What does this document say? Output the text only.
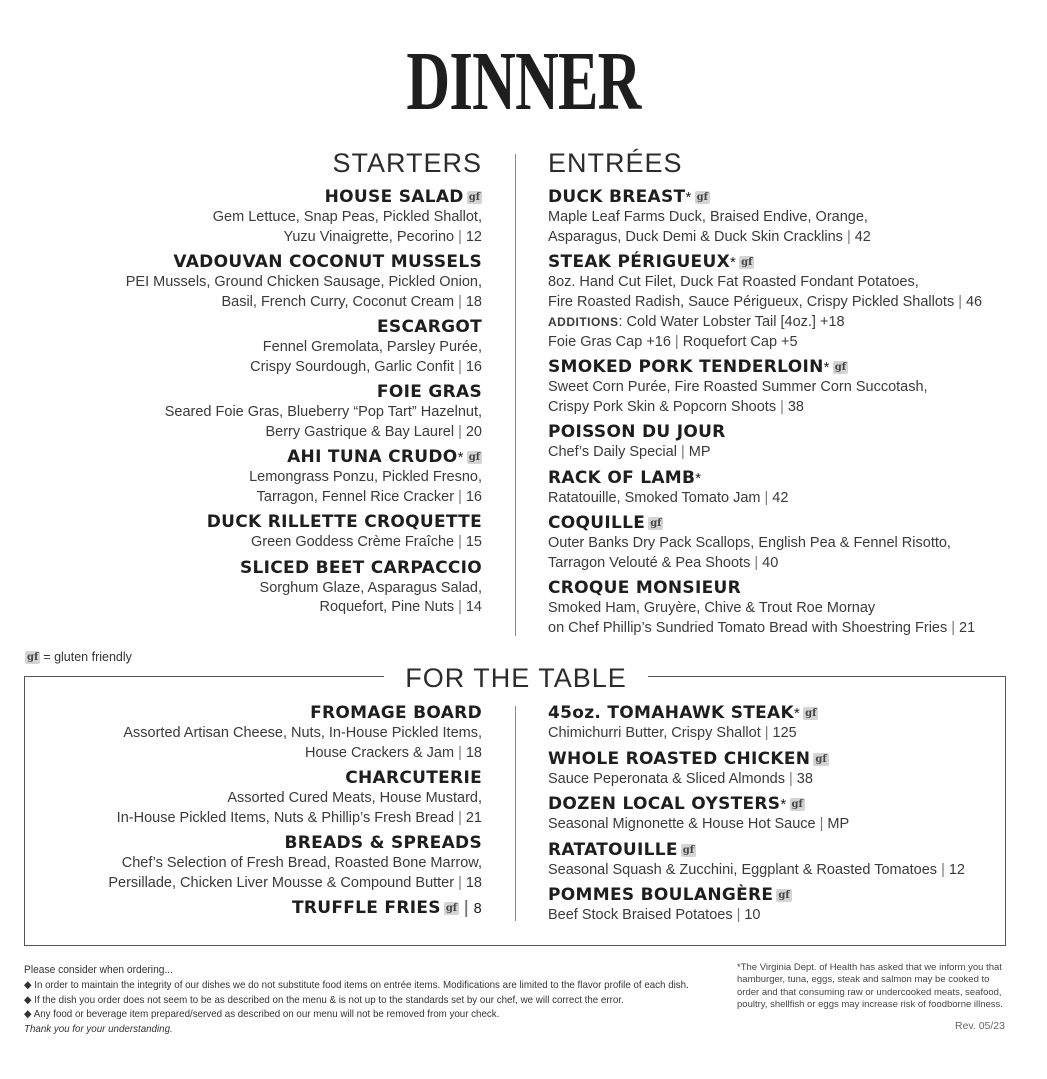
DINNER
STARTERS ENTRÉES
HOUSE SALAD gf
Gem Lettuce, Snap Peas, Pickled Shallot,
Yuzu Vinaigrette, Pecorino | 12
VADOUVAN COCONUT MUSSELS
PEI Mussels, Ground Chicken Sausage, Pickled Onion,
Basil, French Curry, Coconut Cream | 18
ESCARGOT
Fennel Gremolata, Parsley Purée,
Crispy Sourdough, Garlic Confit | 16
FOIE GRAS
Seared Foie Gras, Blueberry “Pop Tart” Hazelnut,
Berry Gastrique & Bay Laurel | 20
AHI TUNA CRUDO* gf
Lemongrass Ponzu, Pickled Fresno,
Tarragon, Fennel Rice Cracker | 16
DUCK RILLETTE CROQUETTE
Green Goddess Crème Fraîche | 15
SLICED BEET CARPACCIO
Sorghum Glaze, Asparagus Salad,
Roquefort, Pine Nuts | 14
DUCK BREAST* gf
Maple Leaf Farms Duck, Braised Endive, Orange,
Asparagus, Duck Demi & Duck Skin Cracklins | 42
STEAK PÉRIGUEUX* gf
8oz. Hand Cut Filet, Duck Fat Roasted Fondant Potatoes,
Fire Roasted Radish, Sauce Périgueux, Crispy Pickled Shallots | 46
ADDITIONS: Cold Water Lobster Tail [4oz.] +18
Foie Gras Cap +16 | Roquefort Cap +5
SMOKED PORK TENDERLOIN* gf
Sweet Corn Purée, Fire Roasted Summer Corn Succotash,
Crispy Pork Skin & Popcorn Shoots | 38
POISSON DU JOUR
Chef’s Daily Special | MP
RACK OF LAMB*
Ratatouille, Smoked Tomato Jam | 42
COQUILLE gf
Outer Banks Dry Pack Scallops, English Pea & Fennel Risotto,
Tarragon Velouté & Pea Shoots | 40
CROQUE MONSIEUR
Smoked Ham, Gruyère, Chive & Trout Roe Mornay
on Chef Phillip’s Sundried Tomato Bread with Shoestring Fries | 21
gf = gluten friendly
FOR THE TABLE
FROMAGE BOARD
Assorted Artisan Cheese, Nuts, In-House Pickled Items,
House Crackers & Jam | 18
CHARCUTERIE
Assorted Cured Meats, House Mustard,
In-House Pickled Items, Nuts & Phillip’s Fresh Bread | 21
BREADS & SPREADS
Chef’s Selection of Fresh Bread, Roasted Bone Marrow,
Persillade, Chicken Liver Mousse & Compound Butter | 18
TRUFFLE FRIES gf | 8
45oz. TOMAHAWK STEAK* gf
Chimichurri Butter, Crispy Shallot | 125
WHOLE ROASTED CHICKEN gf
Sauce Peperonata & Sliced Almonds | 38
DOZEN LOCAL OYSTERS* gf
Seasonal Mignonette & House Hot Sauce | MP
RATATOUILLE gf
Seasonal Squash & Zucchini, Eggplant & Roasted Tomatoes | 12
POMMES BOULANGÈRE gf
Beef Stock Braised Potatoes | 10
Please consider when ordering...
◆ In order to maintain the integrity of our dishes we do not substitute food items on entrée items. Modifications are limited to the flavor profile of each dish.
◆ If the dish you order does not seem to be as described on the menu & is not up to the standards set by our chef, we will correct the error.
◆ Any food or beverage item prepared/served as described on our menu will not be removed from your check.
Thank you for your understanding.
*The Virginia Dept. of Health has asked that we inform you that hamburger, tuna, eggs, steak and salmon may be cooked to order and that consuming raw or undercooked meats, seafood, poultry, shellfish or eggs may increase risk of foodborne illness.
Rev. 05/23
